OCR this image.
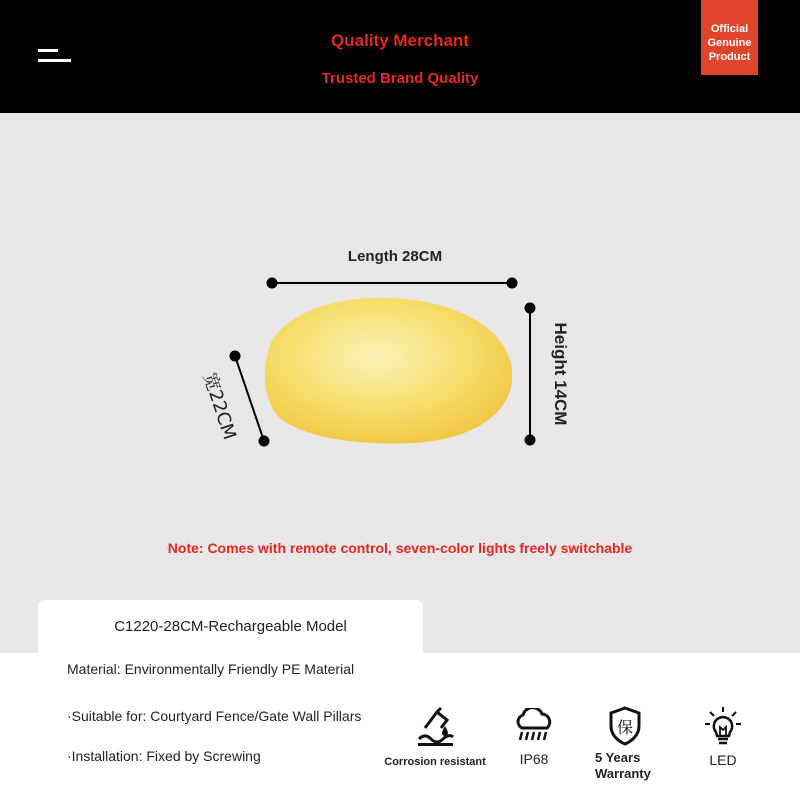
Quality Merchant
Trusted Brand Quality
Official
Genuine
Product
Length 28CM
Height 14CM
宽22CM
Note: Comes with remote control, seven-color lights freely switchable
C1220-28CM-Rechargeable Model
Material: Environmentally Friendly PE Material
·Suitable for: Courtyard Fence/Gate Wall Pillars
·Installation: Fixed by Screwing	Corrosion resistant	IP68
保
5 Years Warranty
LED
